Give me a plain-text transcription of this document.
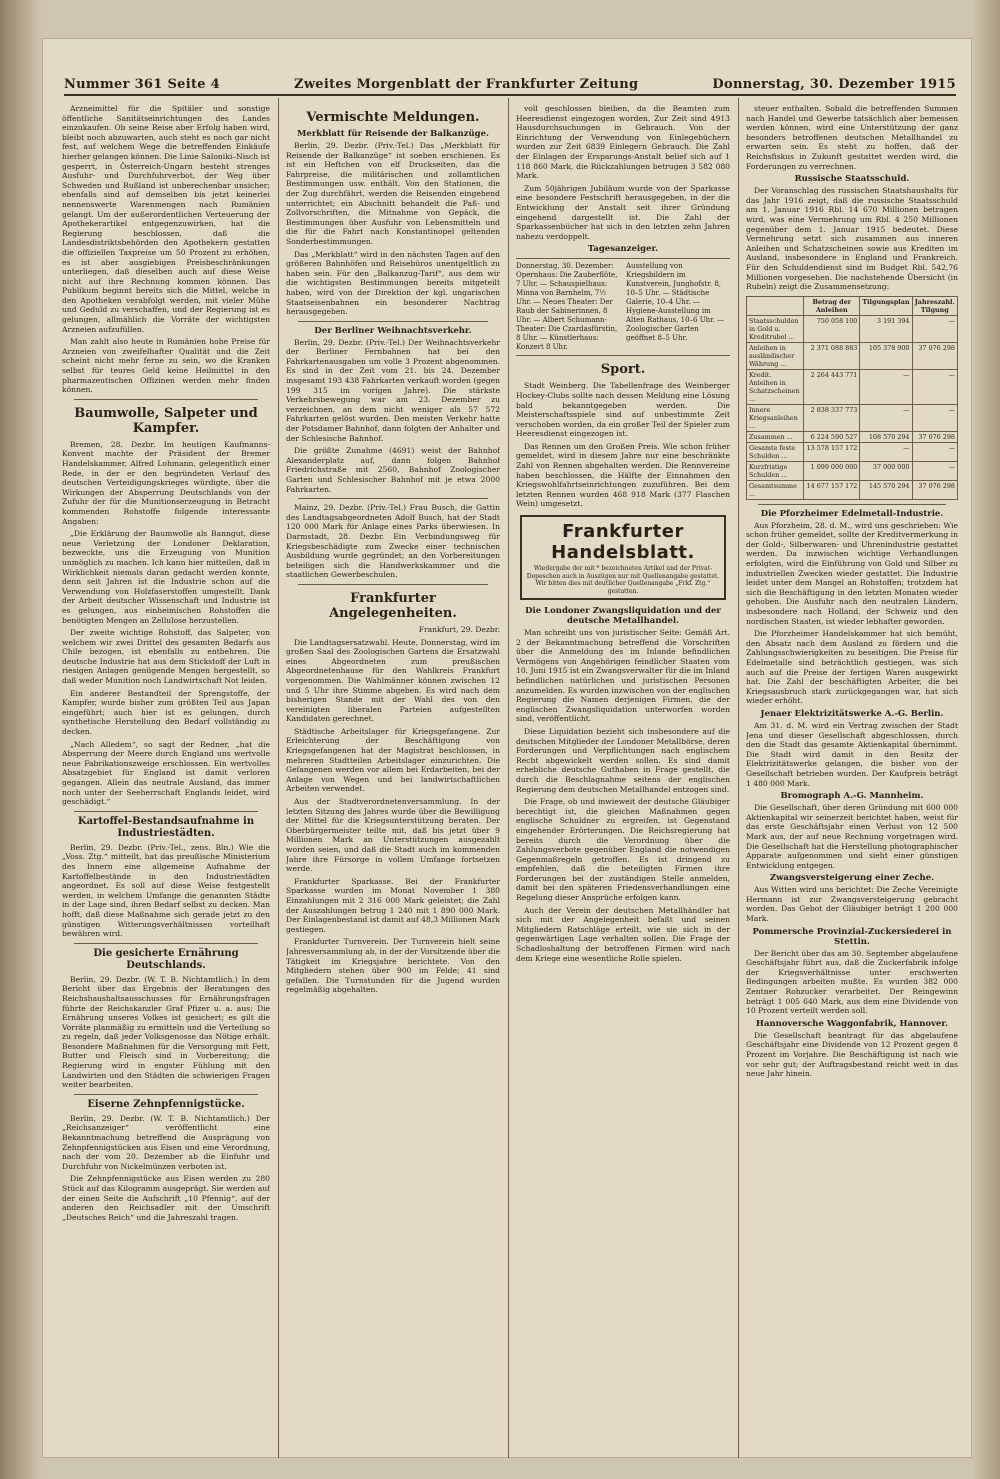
Nummer 361 Seite 4	Zweites Morgenblatt der Frankfurter Zeitung	Donnerstag, 30. Dezember 1915

Arzneimittel für die Spitäler und sonstige öffentliche Sanitätseinrichtungen des Landes einzukaufen. Ob seine Reise aber Erfolg haben wird, bleibt noch abzuwarten, auch steht es noch gar nicht fest, auf welchem Wege die betreffenden Einkäufe hierher gelangen können. Die Linie Saloniki–Nisch ist gesperrt, in Österreich-Ungarn besteht strenges Ausfuhr- und Durchfuhrverbot, der Weg über Schweden und Rußland ist unberechenbar unsicher; ebenfalls sind auf demselben bis jetzt keinerlei nennenswerte Warenmengen nach Rumänien gelangt. Um der außerordentlichen Verteuerung der Apothekerartikel entgegenzuwirken, hat die Regierung beschlossen, daß die Landesdistriktsbehörden den Apothekern gestatten die offiziellen Taxpreise um 50 Prozent zu erhöhen, es ist aber ausgiebigen Preisbeschränkungen unterliegen, daß dieselben auch auf diese Weise nicht auf ihre Rechnung kommen können. Das Publikum beginnt bereits sich die Mittel, welche in den Apotheken verabfolgt werden, mit vieler Mühe und Geduld zu verschaffen, und der Regierung ist es gelungen, allmählich die Vorräte der wichtigsten Arzneien aufzufüllen.

Man zahlt also heute in Rumänien hohe Preise für Arzneien von zweifelhafter Qualität und die Zeit scheint nicht mehr ferne zu sein, wo die Kranken selbst für teures Geld keine Heilmittel in den pharmazeutischen Offizinen werden mehr finden können.

Baumwolle, Salpeter und Kampfer.

Bremen, 28. Dezbr. Im heutigen Kaufmanns-Konvent machte der Präsident der Bremer Handelskammer, Alfred Lohmann, gelegentlich einer Rede, in der er den begründeten Verlauf des deutschen Verteidigungskrieges würdigte, über die Wirkungen der Absperrung Deutschlands von der Zufuhr der für die Munitionserzeugung in Betracht kommenden Rohstoffe folgende interessante Angaben:

„Die Erklärung der Baumwolle als Banngut, diese neue Verletzung der Londoner Deklaration, bezweckte, uns die Erzeugung von Munition unmöglich zu machen. Ich kann hier mitteilen, daß in Wirklichkeit niemals daran gedacht werden konnte, denn seit Jahren ist die Industrie schon auf die Verwendung von Holzfaserstoffen umgestellt. Dank der Arbeit deutscher Wissenschaft und Industrie ist es gelungen, aus einheimischen Rohstoffen die benötigten Mengen an Zellulose herzustellen.

Der zweite wichtige Rohstoff, das Salpeter, von welchem wir zwei Drittel des gesamten Bedarfs aus Chile bezogen, ist ebenfalls zu entbehren. Die deutsche Industrie hat aus dem Stickstoff der Luft in riesigen Anlagen genügende Mengen hergestellt, so daß weder Munition noch Landwirtschaft Not leiden.

Ein anderer Bestandteil der Sprengstoffe, der Kampfer, wurde bisher zum größten Teil aus Japan eingeführt; auch hier ist es gelungen, durch synthetische Herstellung den Bedarf vollständig zu decken.

„Nach Alledem“, so sagt der Redner, „hat die Absperrung der Meere durch England uns wertvolle neue Fabrikationszweige erschlossen. Ein wertvolles Absatzgebiet für England ist damit verloren gegangen. Allein das neutrale Ausland, das immer noch unter der Seeherrschaft Englands leidet, wird geschädigt.“

Kartoffel-Bestandsaufnahme in Industriestädten.

Berlin, 29. Dezbr. (Priv.-Tel., zens. Bln.) Wie die „Voss. Ztg.“ mitteilt, hat das preußische Ministerium des Innern eine allgemeine Aufnahme der Kartoffelbestände in den Industriestädten angeordnet. Es soll auf diese Weise festgestellt werden, in welchem Umfange die genannten Städte in der Lage sind, ihren Bedarf selbst zu decken. Man hofft, daß diese Maßnahme sich gerade jetzt zu den günstigen Witterungsverhältnissen vorteilhaft bewähren wird.

Die gesicherte Ernährung Deutschlands.

Berlin, 29. Dezbr. (W. T. B. Nichtamtlich.) In dem Bericht über das Ergebnis der Beratungen des Reichshaushaltsausschusses für Ernährungsfragen führte der Reichskanzler Graf Pfizer u. a. aus: Die Ernährung unseres Volkes ist gesichert; es gilt die Vorräte planmäßig zu ermitteln und die Verteilung so zu regeln, daß jeder Volksgenosse das Nötige erhält. Besondere Maßnahmen für die Versorgung mit Fett, Butter und Fleisch sind in Vorbereitung; die Regierung wird in engster Fühlung mit den Landwirten und den Städten die schwierigen Fragen weiter bearbeiten.

Eiserne Zehnpfennigstücke.

Berlin, 29. Dezbr. (W. T. B. Nichtamtlich.) Der „Reichsanzeiger“ veröffentlicht eine Bekanntmachung betreffend die Ausprägung von Zehnpfennigstücken aus Eisen und eine Verordnung, nach der vom 20. Dezember ab die Einfuhr und Durchfuhr von Nickelmünzen verboten ist.

Die Zehnpfennigstücke aus Eisen werden zu 280 Stück auf das Kilogramm ausgeprägt. Sie werden auf der einen Seite die Aufschrift „10 Pfennig“, auf der anderen den Reichsadler mit der Umschrift „Deutsches Reich“ und die Jahreszahl tragen.

Vermischte Meldungen.
Merkblatt für Reisende der Balkanzüge.

Berlin, 29. Dezbr. (Priv.-Tel.) Das „Merkblatt für Reisende der Balkanzüge“ ist soeben erschienen. Es ist ein Heftchen von elf Druckseiten, das die Fahrpreise, die militärischen und zollamtlichen Bestimmungen usw. enthält. Von den Stationen, die der Zug durchfährt, werden die Reisenden eingehend unterrichtet; ein Abschnitt behandelt die Paß- und Zollvorschriften, die Mitnahme von Gepäck, die Bestimmungen über Ausfuhr von Lebensmitteln und die für die Fahrt nach Konstantinopel geltenden Sonderbestimmungen.

Das „Merkblatt“ wird in den nächsten Tagen auf den größeren Bahnhöfen und Reisebüros unentgeltlich zu haben sein. Für den „Balkanzug-Tarif“, aus dem wir die wichtigsten Bestimmungen bereits mitgeteilt haben, wird von der Direktion der kgl. ungarischen Staatseisenbahnen ein besonderer Nachtrag herausgegeben.

Der Berliner Weihnachtsverkehr.

Berlin, 29. Dezbr. (Priv.-Tel.) Der Weihnachtsverkehr der Berliner Fernbahnen hat bei den Fahrkartenausgaben um volle 3 Prozent abgenommen. Es sind in der Zeit vom 21. bis 24. Dezember insgesamt 193 438 Fahrkarten verkauft worden (gegen 199 315 im vorigen Jahre). Die stärkste Verkehrsbewegung war am 23. Dezember zu verzeichnen, an dem nicht weniger als 57 572 Fahrkarten gelöst wurden. Den meisten Verkehr hatte der Potsdamer Bahnhof, dann folgten der Anhalter und der Schlesische Bahnhof.

Die größte Zunahme (4691) weist der Bahnhof Alexanderplatz auf, dann folgen Bahnhof Friedrichstraße mit 2560, Bahnhof Zoologischer Garten und Schlesischer Bahnhof mit je etwa 2000 Fahrkarten.

Mainz, 29. Dezbr. (Priv.-Tel.) Frau Busch, die Gattin des Landtagsabgeordneten Adolf Busch, hat der Stadt 120 000 Mark für Anlage eines Parks überwiesen. In Darmstadt, 28. Dezbr. Ein Verbindungsweg für Kriegsbeschädigte zum Zwecke einer technischen Ausbildung wurde gegründet; an den Vorbereitungen beteiligen sich die Handwerkskammer und die staatlichen Gewerbeschulen.

Frankfurter Angelegenheiten.

Frankfurt, 29. Dezbr.

Die Landtagsersatzwahl. Heute, Donnerstag, wird im großen Saal des Zoologischen Gartens die Ersatzwahl eines Abgeordneten zum preußischen Abgeordnetenhause für den Wahlkreis Frankfurt vorgenommen. Die Wahlmänner können zwischen 12 und 5 Uhr ihre Stimme abgeben. Es wird nach dem bisherigen Stande mit der Wahl des von den vereinigten liberalen Parteien aufgestellten Kandidaten gerechnet.

Städtische Arbeitslager für Kriegsgefangene. Zur Erleichterung der Beschäftigung von Kriegsgefangenen hat der Magistrat beschlossen, in mehreren Stadtteilen Arbeitslager einzurichten. Die Gefangenen werden vor allem bei Erdarbeiten, bei der Anlage von Wegen und bei landwirtschaftlichen Arbeiten verwendet.

Aus der Stadtverordnetenversammlung. In der letzten Sitzung des Jahres wurde über die Bewilligung der Mittel für die Kriegsunterstützung beraten. Der Oberbürgermeister teilte mit, daß bis jetzt über 9 Millionen Mark an Unterstützungen ausgezahlt worden seien, und daß die Stadt auch im kommenden Jahre ihre Fürsorge in vollem Umfange fortsetzen werde.

Frankfurter Sparkasse. Bei der Frankfurter Sparkasse wurden im Monat November 1 380 Einzahlungen mit 2 316 000 Mark geleistet; die Zahl der Auszahlungen betrug 1 240 mit 1 890 000 Mark. Der Einlagenbestand ist damit auf 48,3 Millionen Mark gestiegen.

Frankfurter Turnverein. Der Turnverein hielt seine Jahresversammlung ab, in der der Vorsitzende über die Tätigkeit im Kriegsjahre berichtete. Von den Mitgliedern stehen über 900 im Felde; 41 sind gefallen. Die Turnstunden für die Jugend wurden regelmäßig abgehalten.

voll geschlossen bleiben, da die Beamten zum Heeresdienst eingezogen worden. Zur Zeit sind 4913 Hausdurchsuchungen in Gebrauch. Von der Einrichtung der Verwendung von Einlegebüchern wurden zur Zeit 6839 Einlegern Gebrauch. Die Zahl der Einlagen der Ersparungs-Anstalt belief sich auf 1 118 860 Mark, die Rückzahlungen betrugen 3 582 080 Mark.

Zum 50jährigen Jubiläum wurde von der Sparkasse eine besondere Festschrift herausgegeben, in der die Entwicklung der Anstalt seit ihrer Gründung eingehend dargestellt ist. Die Zahl der Sparkassenbücher hat sich in den letzten zehn Jahren nahezu verdoppelt.

Tagesanzeiger.
Donnerstag, 30. Dezember: Opernhaus: Die Zauberflöte, 7 Uhr. — Schauspielhaus: Minna von Barnhelm, 7½ Uhr. — Neues Theater: Der Raub der Sabinerinnen, 8 Uhr. — Albert Schumann-Theater: Die Czardasfürstin, 8 Uhr. — Künstlerhaus: Konzert 8 Uhr.
Ausstellung von Kriegsbildern im Kunstverein, Junghofstr. 8, 10–5 Uhr. — Städtische Galerie, 10–4 Uhr. — Hygiene-Ausstellung im Alten Rathaus, 10–6 Uhr. — Zoologischer Garten geöffnet 8–5 Uhr.
Sport.

Stadt Weinberg. Die Tabellenfrage des Weinberger Hockey-Clubs sollte nach dessen Meldung eine Lösung bald bekanntgegeben werden. Die Meisterschaftsspiele sind auf unbestimmte Zeit verschoben worden, da ein großer Teil der Spieler zum Heeresdienst eingezogen ist.

Das Rennen um den Großen Preis. Wie schon früher gemeldet, wird in diesem Jahre nur eine beschränkte Zahl von Rennen abgehalten werden. Die Rennvereine haben beschlossen, die Hälfte der Einnahmen den Kriegswohlfahrtseinrichtungen zuzuführen. Bei dem letzten Rennen wurden 468 918 Mark (377 Flaschen Wein) umgesetzt.

Frankfurter Handelsblatt.
Wiedergabe der mit * bezeichneten Artikel und der Privat-Depeschen auch in Auszügen nur mit Quellenangabe gestattet. Wir bitten dies mit deutlicher Quellenangabe „Frkf. Ztg.“ gestatten.
Die Londoner Zwangsliquidation und der deutsche Metallhandel.

Man schreibt uns von juristischer Seite: Gemäß Art. 2 der Bekanntmachung betreffend die Vorschriften über die Anmeldung des im Inlande befindlichen Vermögens von Angehörigen feindlicher Staaten vom 10. Juni 1915 ist ein Zwangsverwalter für die im Inland befindlichen natürlichen und juristischen Personen anzumelden. Es wurden inzwischen von der englischen Regierung die Namen derjenigen Firmen, die der englischen Zwangsliquidation unterworfen worden sind, veröffentlicht.

Diese Liquidation bezieht sich insbesondere auf die deutschen Mitglieder der Londoner Metallbörse, deren Forderungen und Verpflichtungen nach englischem Recht abgewickelt werden sollen. Es sind damit erhebliche deutsche Guthaben in Frage gestellt, die durch die Beschlagnahme seitens der englischen Regierung dem deutschen Metallhandel entzogen sind.

Die Frage, ob und inwieweit der deutsche Gläubiger berechtigt ist, die gleichen Maßnahmen gegen englische Schuldner zu ergreifen, ist Gegenstand eingehender Erörterungen. Die Reichsregierung hat bereits durch die Verordnung über die Zahlungsverbote gegenüber England die notwendigen Gegenmaßregeln getroffen. Es ist dringend zu empfehlen, daß die beteiligten Firmen ihre Forderungen bei der zuständigen Stelle anmelden, damit bei den späteren Friedensverhandlungen eine Regelung dieser Ansprüche erfolgen kann.

Auch der Verein der deutschen Metallhändler hat sich mit der Angelegenheit befaßt und seinen Mitgliedern Ratschläge erteilt, wie sie sich in der gegenwärtigen Lage verhalten sollen. Die Frage der Schadloshaltung der betroffenen Firmen wird nach dem Kriege eine wesentliche Rolle spielen.

steuer enthalten. Sobald die betreffenden Summen nach Handel und Gewerbe tatsächlich aber bemessen werden können, wird eine Unterstützung der ganz besonders betroffenen deutschen Metallhandel zu erwarten sein. Es steht zu hoffen, daß der Reichsfiskus in Zukunft gestattet werden wird, die Forderungen zu verrechnen.

Russische Staatsschuld.

Der Voranschlag des russischen Staatshaushalts für das Jahr 1916 zeigt, daß die russische Staatsschuld am 1. Januar 1916 Rbl. 14 670 Millionen betragen wird, was eine Vermehrung um Rbl. 4 250 Millionen gegenüber dem 1. Januar 1915 bedeutet. Diese Vermehrung setzt sich zusammen aus inneren Anleihen und Schatzscheinen sowie aus Krediten im Ausland, insbesondere in England und Frankreich. Für den Schuldendienst sind im Budget Rbl. 542,76 Millionen vorgesehen. Die nachstehende Übersicht (in Rubeln) zeigt die Zusammensetzung:

	Betrag der Anleihen	Tilgungsplan	Jahreszahl. Tilgung
Staatsschulden in Gold u. Kreditrubel ...	750 058 100	3 191 394	—
Anleihen in ausländischer Währung ...	2 371 088 883	105 378 900	37 076 298
Kredit. Anleihen in Schatzscheinen ...	2 264 443 771	—	—
Innere Kriegsanleihen ...	2 838 337 773	—	—
Zusammen ...	6 224 590 527	108 570 294	37 076 298
Gesamte feste Schulden ...	13 578 157 172	—	—
Kurzfristige Schulden ...	1 099 000 000	37 000 000	—
Gesamtsumme ...	14 677 157 172	145 570 294	37 076 298
Die Pforzheimer Edelmetall-Industrie.

Aus Pforzheim, 28. d. M., wird uns geschrieben: Wie schon früher gemeldet, sollte der Kreditvermerkung in der Gold-, Silberwaren- und Uhrenindustrie gestattet werden. Da inzwischen wichtige Verhandlungen erfolgten, wird die Einführung von Gold und Silber zu industriellen Zwecken wieder gestattet. Die Industrie leidet unter dem Mangel an Rohstoffen; trotzdem hat sich die Beschäftigung in den letzten Monaten wieder gehoben. Die Ausfuhr nach den neutralen Ländern, insbesondere nach Holland, der Schweiz und den nordischen Staaten, ist wieder lebhafter geworden.

Die Pforzheimer Handelskammer hat sich bemüht, den Absatz nach dem Ausland zu fördern und die Zahlungsschwierigkeiten zu beseitigen. Die Preise für Edelmetalle sind beträchtlich gestiegen, was sich auch auf die Preise der fertigen Waren ausgewirkt hat. Die Zahl der beschäftigten Arbeiter, die bei Kriegsausbruch stark zurückgegangen war, hat sich wieder erhöht.

Jenaer Elektrizitätswerke A.-G. Berlin.

Am 31. d. M. wird ein Vertrag zwischen der Stadt Jena und dieser Gesellschaft abgeschlossen, durch den die Stadt das gesamte Aktienkapital übernimmt. Die Stadt wird damit in den Besitz der Elektrizitätswerke gelangen, die bisher von der Gesellschaft betrieben wurden. Der Kaufpreis beträgt 1 480 000 Mark.

Bromograph A.-G. Mannheim.

Die Gesellschaft, über deren Gründung mit 600 000 Aktienkapital wir seinerzeit berichtet haben, weist für das erste Geschäftsjahr einen Verlust von 12 500 Mark aus, der auf neue Rechnung vorgetragen wird. Die Gesellschaft hat die Herstellung photographischer Apparate aufgenommen und sieht einer günstigen Entwicklung entgegen.

Zwangsversteigerung einer Zeche.

Aus Witten wird uns berichtet: Die Zeche Vereinigte Hermann ist zur Zwangsversteigerung gebracht worden. Das Gebot der Gläubiger beträgt 1 200 000 Mark.

Pommersche Provinzial-Zuckersiederei in Stettin.

Der Bericht über das am 30. September abgelaufene Geschäftsjahr führt aus, daß die Zuckerfabrik infolge der Kriegsverhältnisse unter erschwerten Bedingungen arbeiten mußte. Es wurden 382 000 Zentner Rohzucker verarbeitet. Der Reingewinn beträgt 1 005 640 Mark, aus dem eine Dividende von 10 Prozent verteilt werden soll.

Hannoversche Waggonfabrik, Hannover.

Die Gesellschaft beantragt für das abgelaufene Geschäftsjahr eine Dividende von 12 Prozent gegen 8 Prozent im Vorjahre. Die Beschäftigung ist nach wie vor sehr gut; der Auftragsbestand reicht weit in das neue Jahr hinein.
